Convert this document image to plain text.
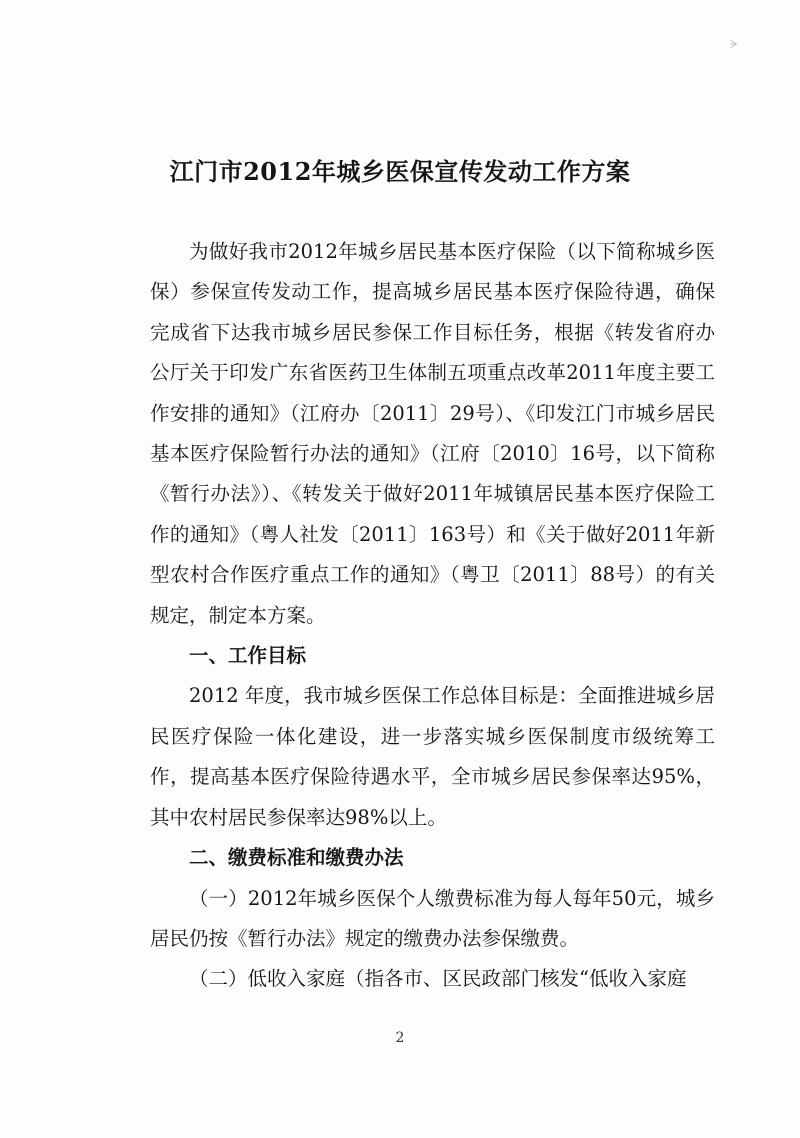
ᗒ
江门市2012年城乡医保宣传发动工作方案

为做好我市2012年城乡居民基本医疗保险（以下简称城乡医保）参保宣传发动工作，提高城乡居民基本医疗保险待遇，确保完成省下达我市城乡居民参保工作目标任务，根据《转发省府办公厅关于印发广东省医药卫生体制五项重点改革2011年度主要工作安排的通知》（江府办〔2011〕29号）、《印发江门市城乡居民基本医疗保险暂行办法的通知》（江府〔2010〕16号，以下简称《暂行办法》）、《转发关于做好2011年城镇居民基本医疗保险工作的通知》（粤人社发〔2011〕163号）和《关于做好2011年新型农村合作医疗重点工作的通知》（粤卫〔2011〕88号）的有关规定，制定本方案。

一、工作目标

2012 年度，我市城乡医保工作总体目标是：全面推进城乡居民医疗保险一体化建设，进一步落实城乡医保制度市级统筹工作，提高基本医疗保险待遇水平，全市城乡居民参保率达95%，其中农村居民参保率达98%以上。

二、缴费标准和缴费办法

（一）2012年城乡医保个人缴费标准为每人每年50元，城乡居民仍按《暂行办法》规定的缴费办法参保缴费。

（二）低收入家庭（指各市、区民政部门核发“低收入家庭

2
